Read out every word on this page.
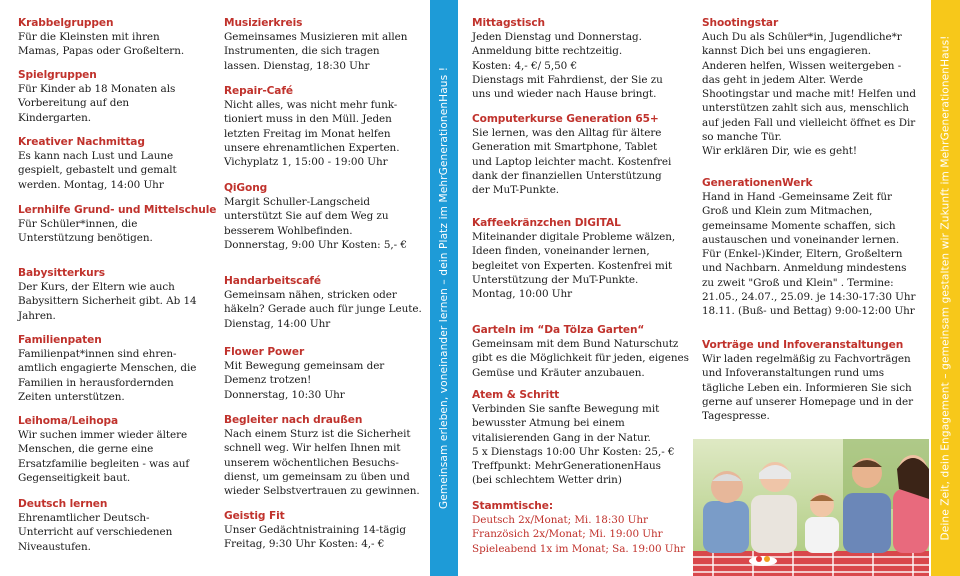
Krabbelgruppen
Für die Kleinsten mit ihren
Mamas, Papas oder Großeltern.
Spielgruppen
Für Kinder ab 18 Monaten als
Vorbereitung auf den
Kindergarten.
Kreativer Nachmittag
Es kann nach Lust und Laune
gespielt, gebastelt und gemalt
werden. Montag, 14:00 Uhr
Lernhilfe Grund- und Mittelschule
Für Schüler*innen, die
Unterstützung benötigen.
Babysitterkurs
Der Kurs, der Eltern wie auch
Babysittern Sicherheit gibt. Ab 14
Jahren.
Familienpaten
Familienpat*innen sind ehren-
amtlich engagierte Menschen, die
Familien in herausfordernden
Zeiten unterstützen.
Leihoma/Leihopa
Wir suchen immer wieder ältere
Menschen, die gerne eine
Ersatzfamilie begleiten - was auf
Gegenseitigkeit baut.
Deutsch lernen
Ehrenamtlicher Deutsch-
Unterricht auf verschiedenen
Niveaustufen.
Musizierkreis
Gemeinsames Musizieren mit allen
Instrumenten, die sich tragen
lassen. Dienstag, 18:30 Uhr
Repair-Café
Nicht alles, was nicht mehr funk-
tioniert muss in den Müll. Jeden
letzten Freitag im Monat helfen
unsere ehrenamtlichen Experten.
Vichyplatz 1, 15:00 - 19:00 Uhr
QiGong
Margit Schuller-Langscheid
unterstützt Sie auf dem Weg zu
besserem Wohlbefinden.
Donnerstag, 9:00 Uhr Kosten: 5,- €
Handarbeitscafé
Gemeinsam nähen, stricken oder
häkeln? Gerade auch für junge Leute.
Dienstag, 14:00 Uhr
Flower Power
Mit Bewegung gemeinsam der
Demenz trotzen!
Donnerstag, 10:30 Uhr
Begleiter nach draußen
Nach einem Sturz ist die Sicherheit
schnell weg. Wir helfen Ihnen mit
unserem wöchentlichen Besuchs-
dienst, um gemeinsam zu üben und
wieder Selbstvertrauen zu gewinnen.
Geistig Fit
Unser Gedächtnistraining 14-tägig
Freitag, 9:30 Uhr Kosten: 4,- €
Gemeinsam erleben, voneinander lernen – dein Platz im MehrGenerationenHaus !
Mittagstisch
Jeden Dienstag und Donnerstag.
Anmeldung bitte rechtzeitig.
Kosten: 4,- €/ 5,50 €
Dienstags mit Fahrdienst, der Sie zu
uns und wieder nach Hause bringt.
Computerkurse Generation 65+
Sie lernen, was den Alltag für ältere
Generation mit Smartphone, Tablet
und Laptop leichter macht. Kostenfrei
dank der finanziellen Unterstützung
der MuT-Punkte.
Kaffeekränzchen DIGITAL
Miteinander digitale Probleme wälzen,
Ideen finden, voneinander lernen,
begleitet von Experten. Kostenfrei mit
Unterstützung der MuT-Punkte.
Montag, 10:00 Uhr
Garteln im “Da Tölza Garten“
Gemeinsam mit dem Bund Naturschutz
gibt es die Möglichkeit für jeden, eigenes
Gemüse und Kräuter anzubauen.
Atem & Schritt
Verbinden Sie sanfte Bewegung mit
bewusster Atmung bei einem
vitalisierenden Gang in der Natur.
5 x Dienstags 10:00 Uhr Kosten: 25,- €
Treffpunkt: MehrGenerationenHaus
(bei schlechtem Wetter drin)
Stammtische:
Deutsch 2x/Monat; Mi. 18:30 Uhr
Französich 2x/Monat; Mi. 19:00 Uhr
Spieleabend 1x im Monat; Sa. 19:00 Uhr
Shootingstar
Auch Du als Schüler*in, Jugendliche*r
kannst Dich bei uns engagieren.
Anderen helfen, Wissen weitergeben -
das geht in jedem Alter. Werde
Shootingstar und mache mit! Helfen und
unterstützen zahlt sich aus, menschlich
auf jeden Fall und vielleicht öffnet es Dir
so manche Tür.
Wir erklären Dir, wie es geht!
GenerationenWerk
Hand in Hand -Gemeinsame Zeit für
Groß und Klein zum Mitmachen,
gemeinsame Momente schaffen, sich
austauschen und voneinander lernen.
Für (Enkel-)Kinder, Eltern, Großeltern
und Nachbarn. Anmeldung mindestens
zu zweit "Groß und Klein" . Termine:
21.05., 24.07., 25.09. je 14:30-17:30 Uhr
18.11. (Buß- und Bettag) 9:00-12:00 Uhr
Vorträge und Infoveranstaltungen
Wir laden regelmäßig zu Fachvorträgen
und Infoveranstaltungen rund ums
tägliche Leben ein. Informieren Sie sich
gerne auf unserer Homepage und in der
Tagespresse.	Deine Zeit, dein Engagement – gemeinsam gestalten wir Zukunft im MehrGenerationenHaus!
